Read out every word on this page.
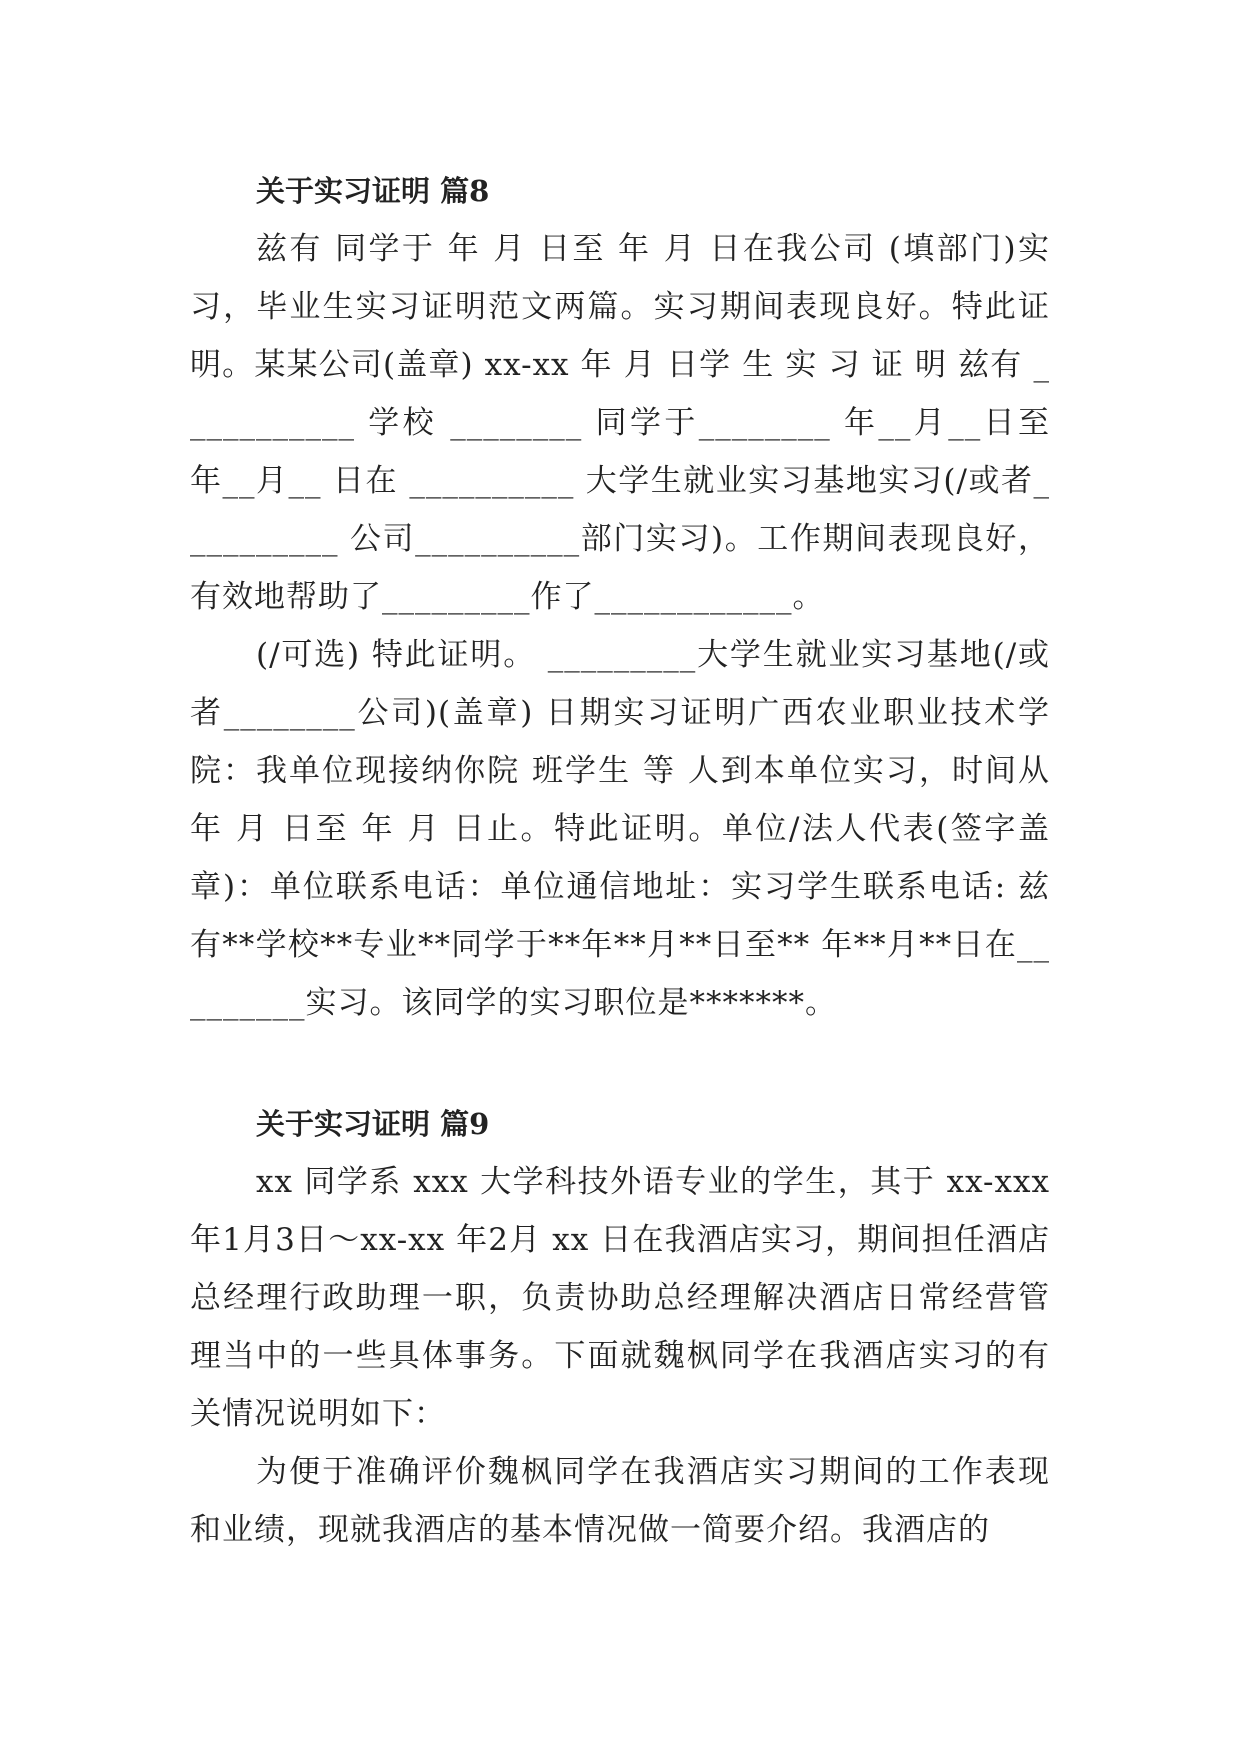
关于实习证明 篇8

兹有 同学于 年 月 日至 年 月 日在我公司 (填部门)实习，毕业生实习证明范文两篇。实习期间表现良好。特此证明。某某公司(盖章) xx-xx 年 月 日学 生 实 习 证 明 兹有 ___________ 学校 ________ 同学于________ 年__月__日至 年__月__ 日在 __________ 大学生就业实习基地实习(/或者__________ 公司__________部门实习)。工作期间表现良好，有效地帮助了_________作了____________。

(/可选) 特此证明。 _________大学生就业实习基地(/或者________公司)(盖章) 日期实习证明广西农业职业技术学院：我单位现接纳你院 班学生 等 人到本单位实习，时间从 年 月 日至 年 月 日止。特此证明。单位/法人代表(签字盖章)：单位联系电话：单位通信地址：实习学生联系电话: 兹有**学校**专业**同学于**年**月**日至** 年**月**日在_________实习。该同学的实习职位是*******。

关于实习证明 篇9

xx 同学系 xxx 大学科技外语专业的学生，其于 xx-xxx 年1月3日～xx-xx 年2月 xx 日在我酒店实习，期间担任酒店总经理行政助理一职，负责协助总经理解决酒店日常经营管理当中的一些具体事务。下面就魏枫同学在我酒店实习的有关情况说明如下：

为便于准确评价魏枫同学在我酒店实习期间的工作表现和业绩，现就我酒店的基本情况做一简要介绍。我酒店的
